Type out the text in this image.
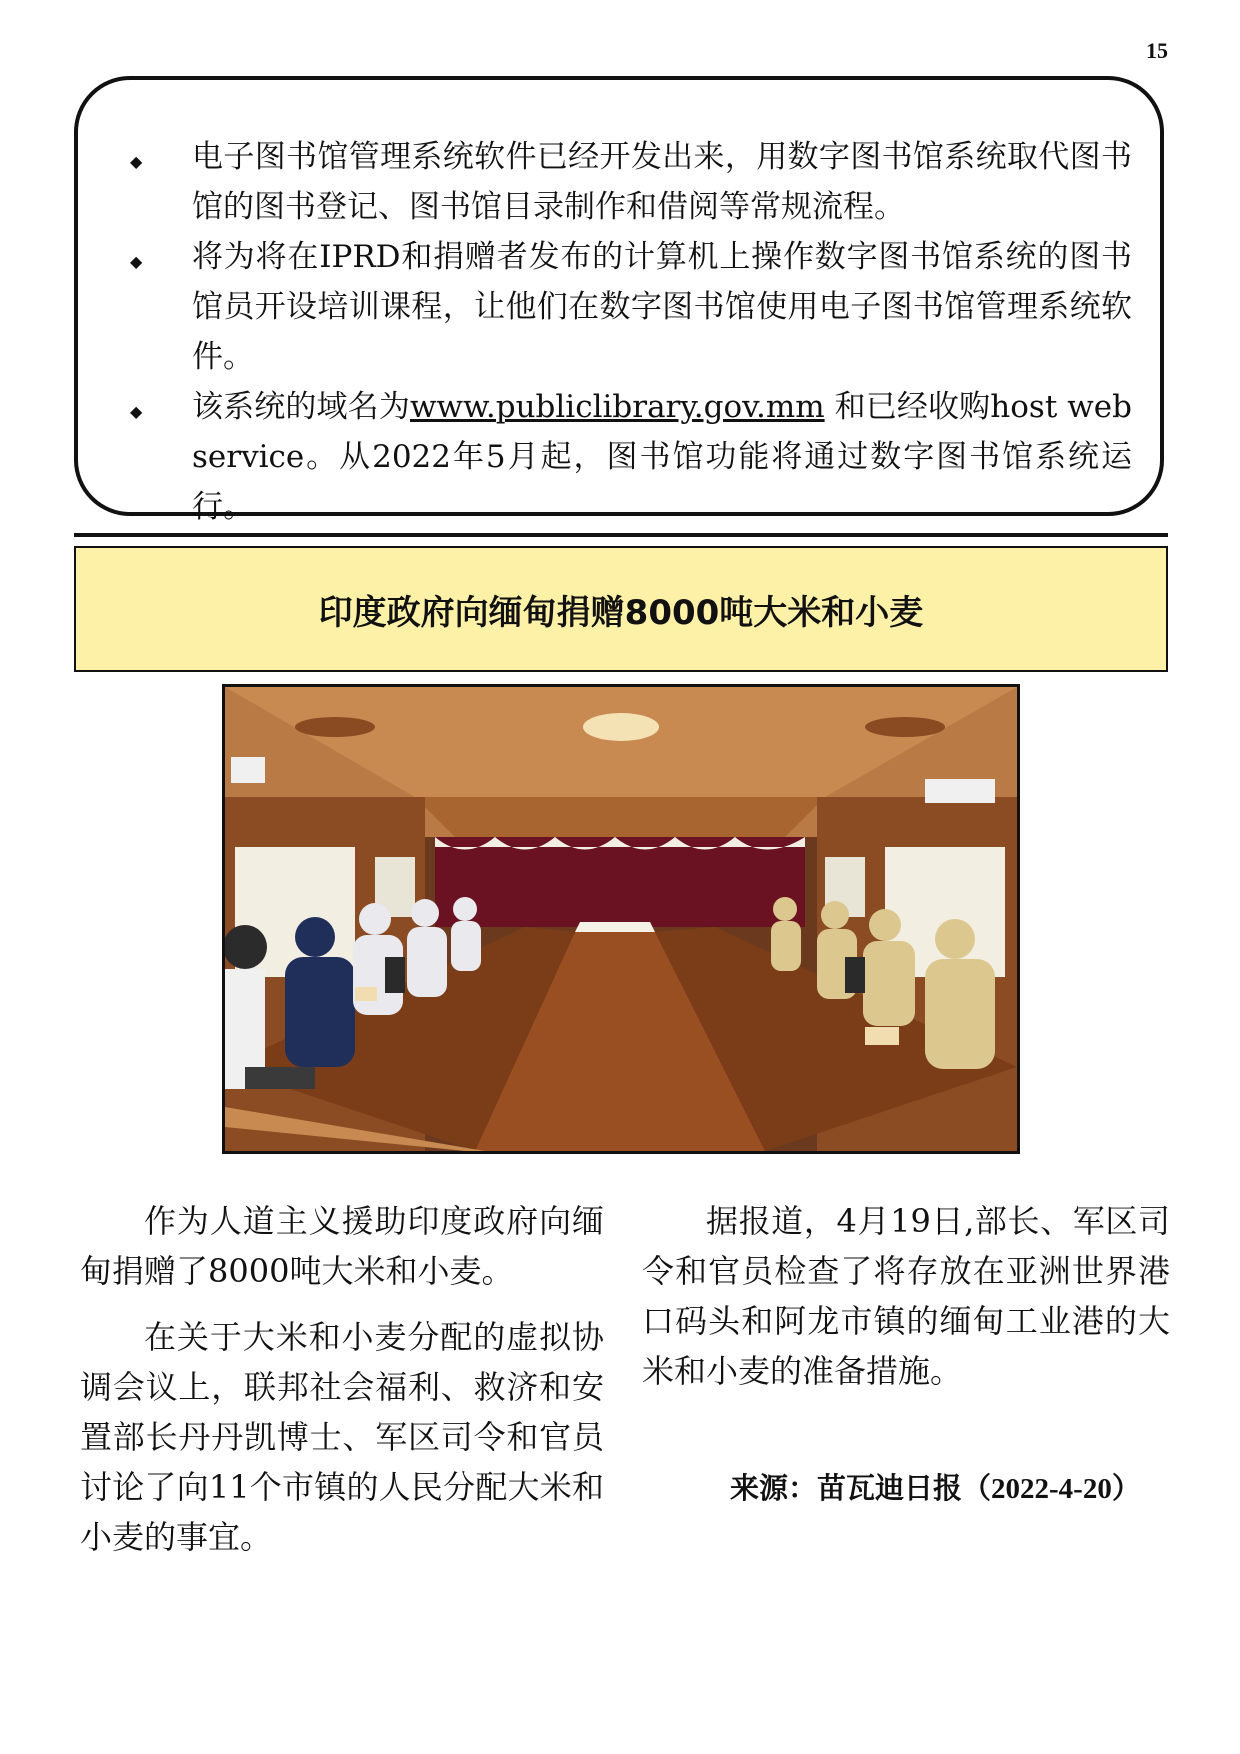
15
◆ 电子图书馆管理系统软件已经开发出来，用数字图书馆系统取代图书馆的图书登记、图书馆目录制作和借阅等常规流程。
◆ 将为将在IPRD和捐赠者发布的计算机上操作数字图书馆系统的图书馆员开设培训课程，让他们在数字图书馆使用电子图书馆管理系统软件。
◆ 该系统的域名为www.publiclibrary.gov.mm 和已经收购host web service。从2022年5月起，图书馆功能将通过数字图书馆系统运行。
印度政府向缅甸捐赠8000吨大米和小麦

作为人道主义援助印度政府向缅甸捐赠了8000吨大米和小麦。

在关于大米和小麦分配的虚拟协调会议上，联邦社会福利、救济和安置部长丹丹凯博士、军区司令和官员讨论了向11个市镇的人民分配大米和小麦的事宜。

据报道，4月19日,部长、军区司令和官员检查了将存放在亚洲世界港口码头和阿龙市镇的缅甸工业港的大米和小麦的准备措施。

来源：苗瓦迪日报（2022-4-20）
